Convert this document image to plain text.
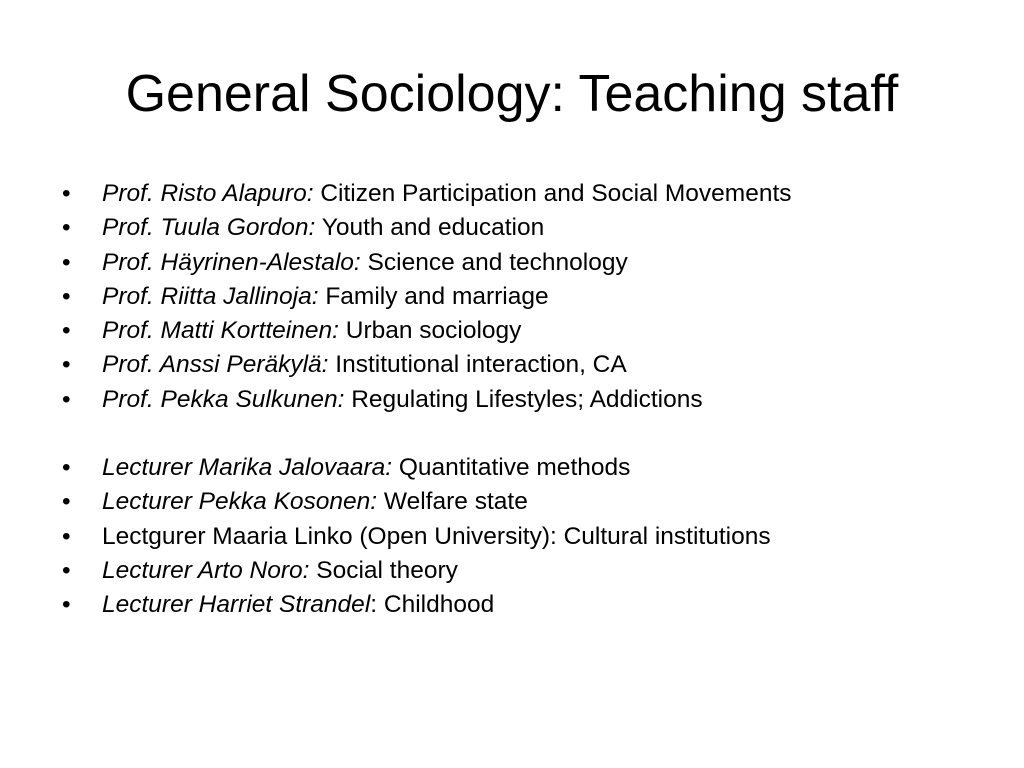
General Sociology: Teaching staff
•	Prof. Risto Alapuro: Citizen Participation and Social Movements
•	Prof. Tuula Gordon: Youth and education
•	Prof. Häyrinen-Alestalo: Science and technology
•	Prof. Riitta Jallinoja: Family and marriage
•	Prof. Matti Kortteinen: Urban sociology
•	Prof. Anssi Peräkylä: Institutional interaction, CA
•	Prof. Pekka Sulkunen: Regulating Lifestyles; Addictions
•	Lecturer Marika Jalovaara: Quantitative methods
•	Lecturer Pekka Kosonen: Welfare state
•	Lectgurer Maaria Linko (Open University): Cultural institutions
•	Lecturer Arto Noro: Social theory
•	Lecturer Harriet Strandel: Childhood
